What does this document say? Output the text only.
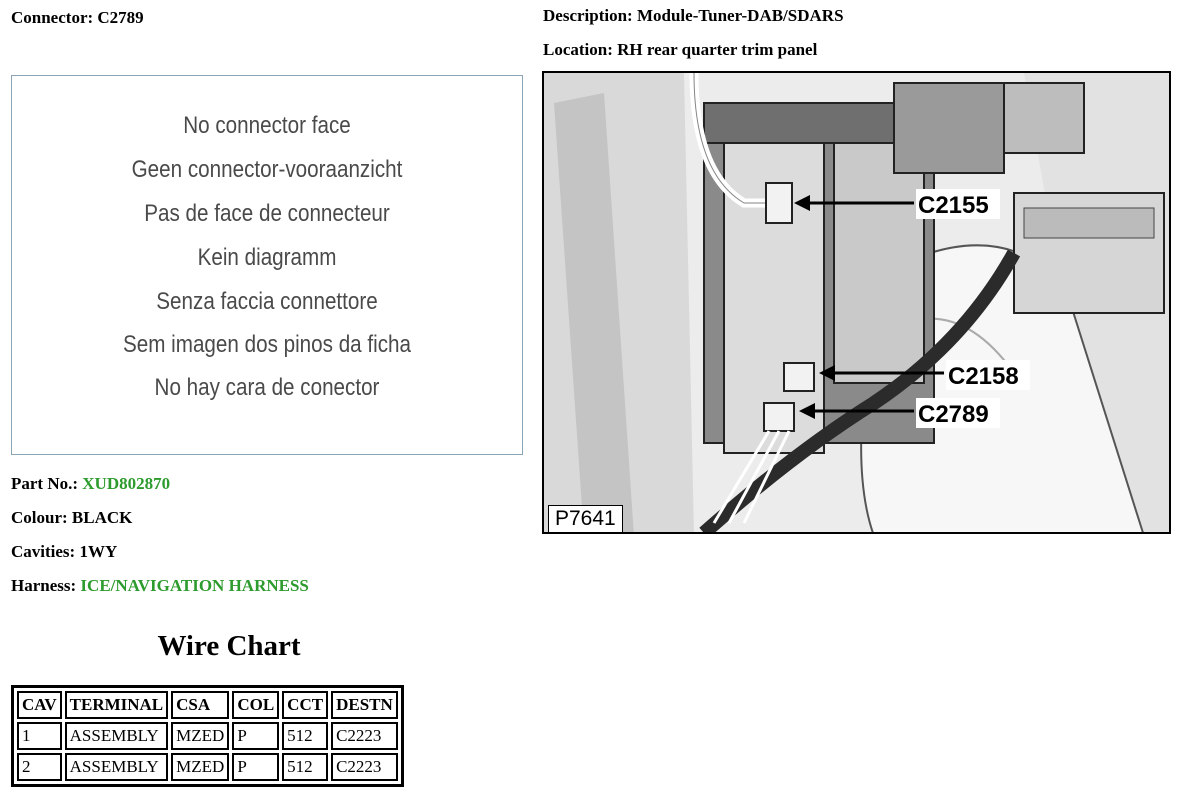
Connector: C2789	Description: Module-Tuner-DAB/SDARS
Location: RH rear quarter trim panel
No connector face
Geen connector-vooraanzicht
Pas de face de connecteur
Kein diagramm
Senza faccia connettore
Sem imagen dos pinos da ficha
No hay cara de conector
C2155
C2158
C2789
P7641
Part No.: XUD802870
Colour: BLACK
Cavities: 1WY
Harness: ICE/NAVIGATION HARNESS
Wire Chart
CAV	TERMINAL	CSA	COL	CCT	DESTN
1	ASSEMBLY	MZED	P	512	C2223
2	ASSEMBLY	MZED	P	512	C2223
